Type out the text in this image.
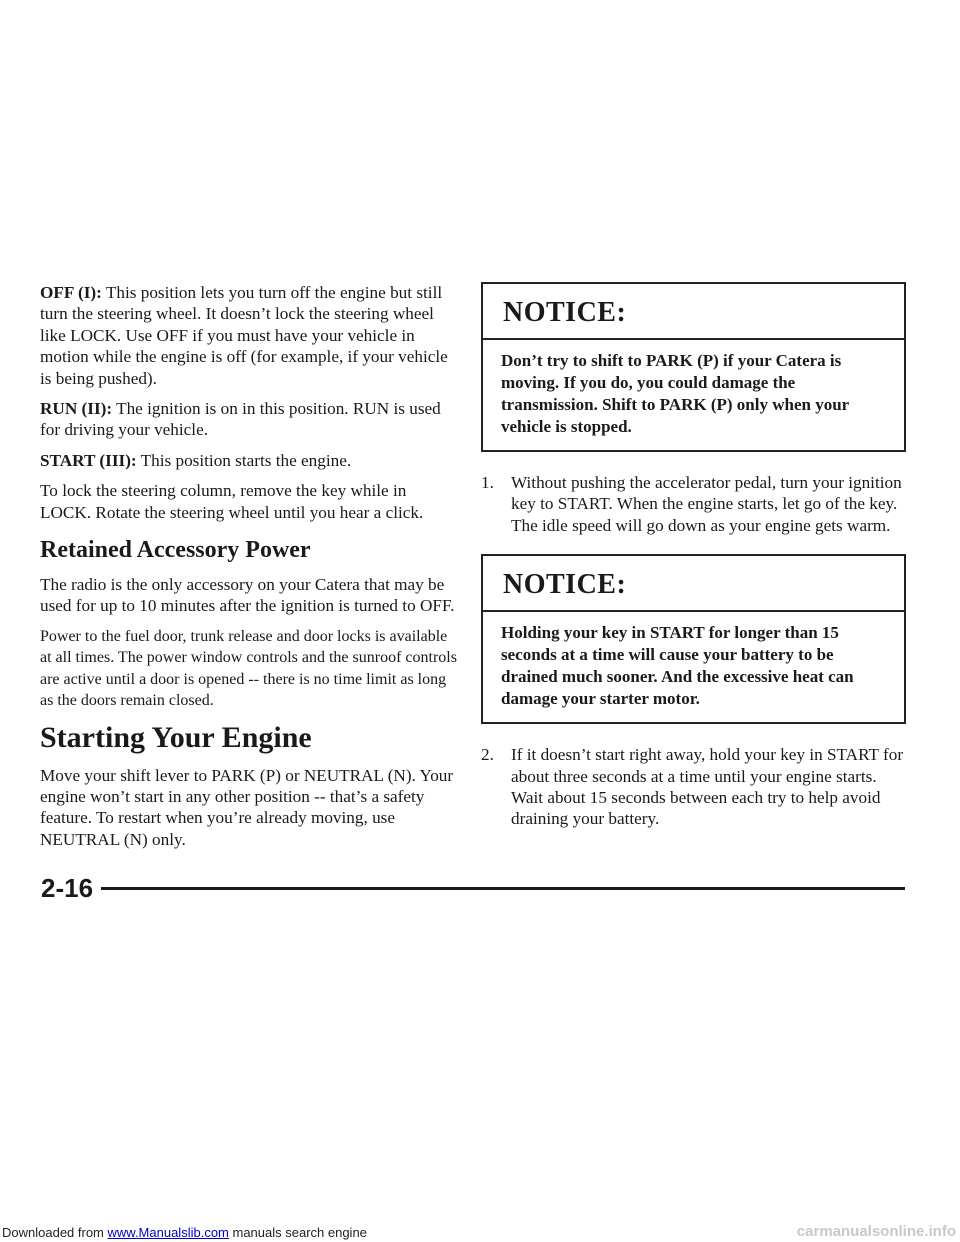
OFF (I): This position lets you turn off the engine but still turn the steering wheel. It doesn’t lock the steering wheel like LOCK. Use OFF if you must have your vehicle in motion while the engine is off (for example, if your vehicle is being pushed).

RUN (II): The ignition is on in this position. RUN is used for driving your vehicle.

START (III): This position starts the engine.

To lock the steering column, remove the key while in LOCK. Rotate the steering wheel until you hear a click.

Retained Accessory Power

The radio is the only accessory on your Catera that may be used for up to 10 minutes after the ignition is turned to OFF.

Power to the fuel door, trunk release and door locks is available at all times. The power window controls and the sunroof controls are active until a door is opened -- there is no time limit as long as the doors remain closed.

Starting Your Engine

Move your shift lever to PARK (P) or NEUTRAL (N). Your engine won’t start in any other position -- that’s a safety feature. To restart when you’re already moving, use NEUTRAL (N) only.

NOTICE:
Don’t try to shift to PARK (P) if your Catera is moving. If you do, you could damage the transmission. Shift to PARK (P) only when your vehicle is stopped.
1. Without pushing the accelerator pedal, turn your ignition key to START. When the engine starts, let go of the key. The idle speed will go down as your engine gets warm.
NOTICE:
Holding your key in START for longer than 15 seconds at a time will cause your battery to be drained much sooner. And the excessive heat can damage your starter motor.
2. If it doesn’t start right away, hold your key in START for about three seconds at a time until your engine starts. Wait about 15 seconds between each try to help avoid draining your battery.
2-16
Downloaded from www.Manualslib.com manuals search engine	carmanualsonline.info
